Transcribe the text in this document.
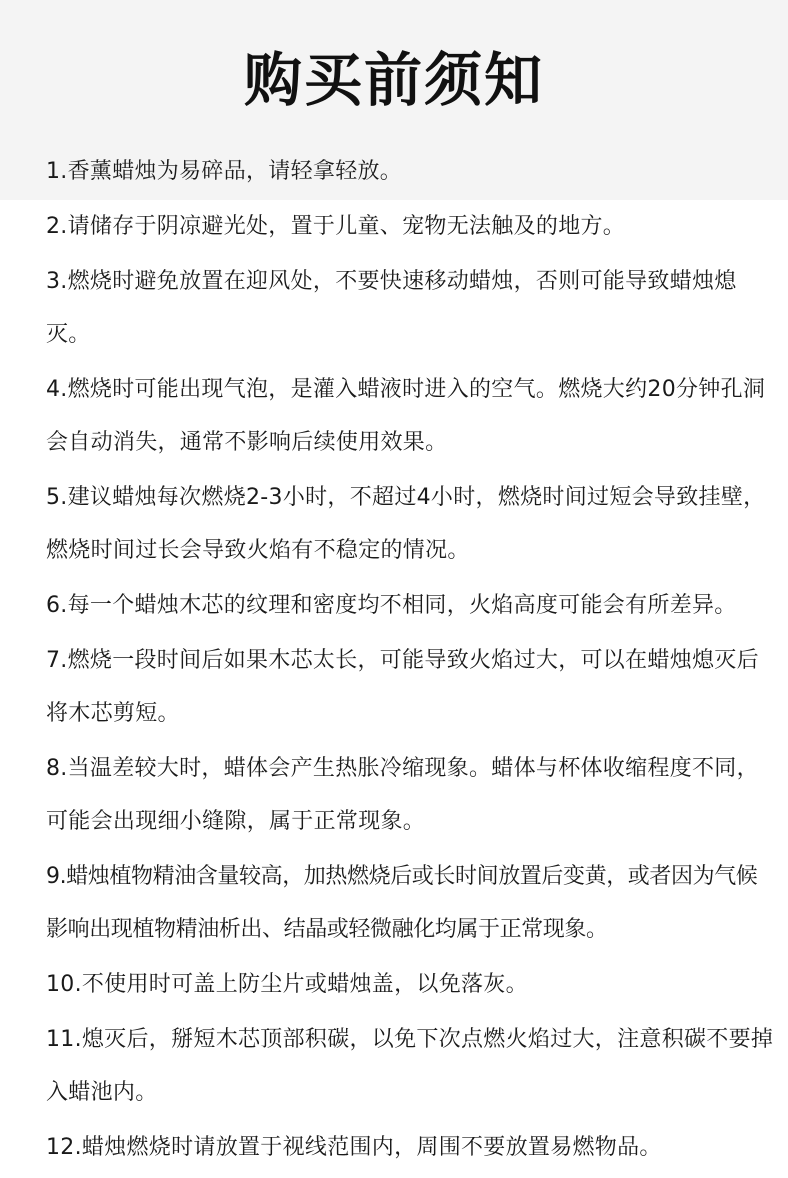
购买前须知
1.香薰蜡烛为易碎品，请轻拿轻放。
2.请储存于阴凉避光处，置于儿童、宠物无法触及的地方。
3.燃烧时避免放置在迎风处，不要快速移动蜡烛，否则可能导致蜡烛熄灭。
4.燃烧时可能出现气泡，是灌入蜡液时进入的空气。燃烧大约20分钟孔洞会自动消失，通常不影响后续使用效果。
5.建议蜡烛每次燃烧2-3小时，不超过4小时，燃烧时间过短会导致挂壁，燃烧时间过长会导致火焰有不稳定的情况。
6.每一个蜡烛木芯的纹理和密度均不相同，火焰高度可能会有所差异。
7.燃烧一段时间后如果木芯太长，可能导致火焰过大，可以在蜡烛熄灭后将木芯剪短。
8.当温差较大时，蜡体会产生热胀冷缩现象。蜡体与杯体收缩程度不同，可能会出现细小缝隙，属于正常现象。
9.蜡烛植物精油含量较高，加热燃烧后或长时间放置后变黄，或者因为气候影响出现植物精油析出、结晶或轻微融化均属于正常现象。
10.不使用时可盖上防尘片或蜡烛盖，以免落灰。
11.熄灭后，掰短木芯顶部积碳，以免下次点燃火焰过大，注意积碳不要掉入蜡池内。
12.蜡烛燃烧时请放置于视线范围内，周围不要放置易燃物品。
